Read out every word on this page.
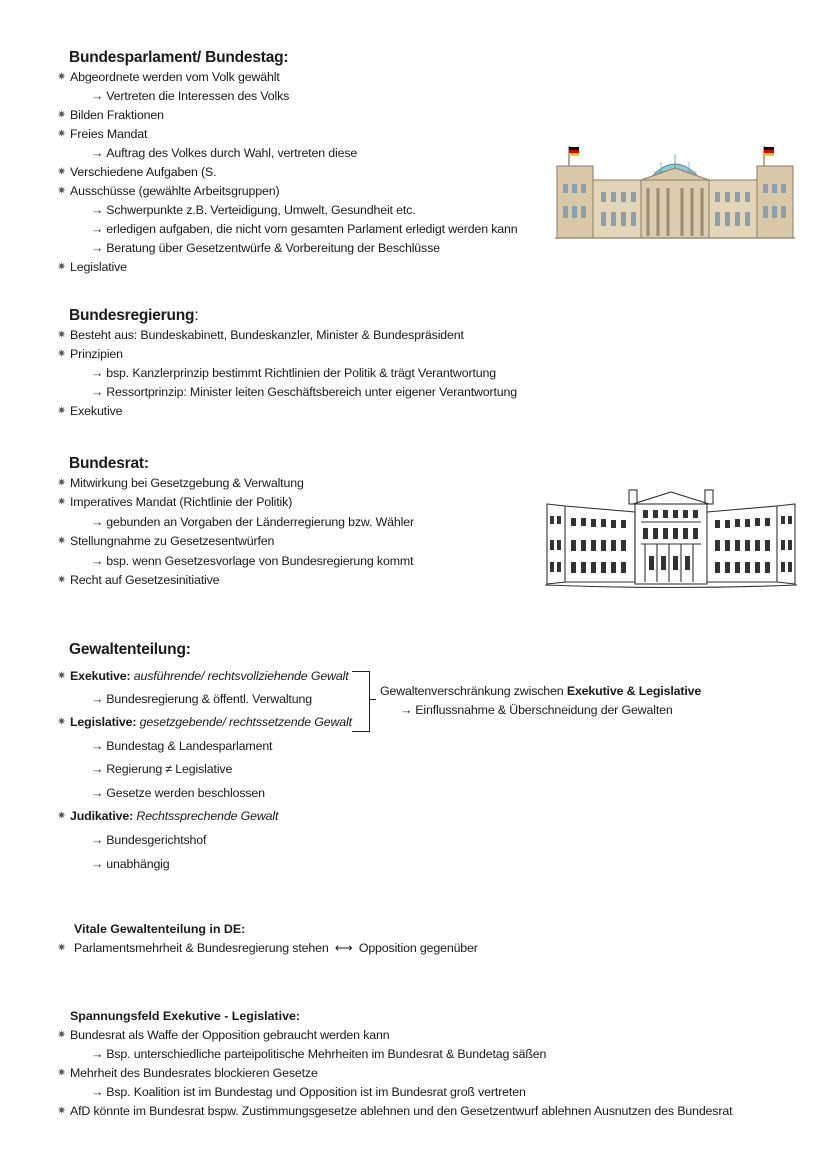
Bundesparlament/ Bundestag:
✷ Abgeordnete werden vom Volk gewählt
→ Vertreten die Interessen des Volks
✷ Bilden Fraktionen
✷ Freies Mandat
→ Auftrag des Volkes durch Wahl, vertreten diese
✷ Verschiedene Aufgaben (S.
✷ Ausschüsse (gewählte Arbeitsgruppen)
→ Schwerpunkte z.B. Verteidigung, Umwelt, Gesundheit etc.
→ erledigen aufgaben, die nicht vom gesamten Parlament erledigt werden kann
→ Beratung über Gesetzentwürfe & Vorbereitung der Beschlüsse
✷ Legislative
Bundesregierung:
✷ Besteht aus: Bundeskabinett, Bundeskanzler, Minister & Bundespräsident
✷ Prinzipien
→ bsp. Kanzlerprinzip bestimmt Richtlinien der Politik & trägt Verantwortung
→ Ressortprinzip: Minister leiten Geschäftsbereich unter eigener Verantwortung
✷ Exekutive
Bundesrat:
✷ Mitwirkung bei Gesetzgebung & Verwaltung
✷ Imperatives Mandat (Richtlinie der Politik)
→ gebunden an Vorgaben der Länderregierung bzw. Wähler
✷ Stellungnahme zu Gesetzesentwürfen
→ bsp. wenn Gesetzesvorlage von Bundesregierung kommt
✷ Recht auf Gesetzesinitiative
Gewaltenteilung:
✷ Exekutive: ausführende/ rechtsvollziehende Gewalt
→ Bundesregierung & öffentl. Verwaltung
✷ Legislative: gesetzgebende/ rechtssetzende Gewalt
→ Bundestag & Landesparlament
→ Regierung ≠ Legislative
→ Gesetze werden beschlossen
✷ Judikative: Rechtssprechende Gewalt
→ Bundesgerichtshof
→ unabhängig
Gewaltenverschränkung zwischen Exekutive & Legislative
→ Einflussnahme & Überschneidung der Gewalten
Vitale Gewaltenteilung in DE:
✷ Parlamentsmehrheit & Bundesregierung stehen ⟷ Opposition gegenüber
Spannungsfeld Exekutive - Legislative:
✷ Bundesrat als Waffe der Opposition gebraucht werden kann
→ Bsp. unterschiedliche parteipolitische Mehrheiten im Bundesrat & Bundetag säßen
✷ Mehrheit des Bundesrates blockieren Gesetze
→ Bsp. Koalition ist im Bundestag und Opposition ist im Bundesrat groß vertreten
✷ AfD könnte im Bundesrat bspw. Zustimmungsgesetze ablehnen und den Gesetzentwurf ablehnen Ausnutzen des Bundesrat
